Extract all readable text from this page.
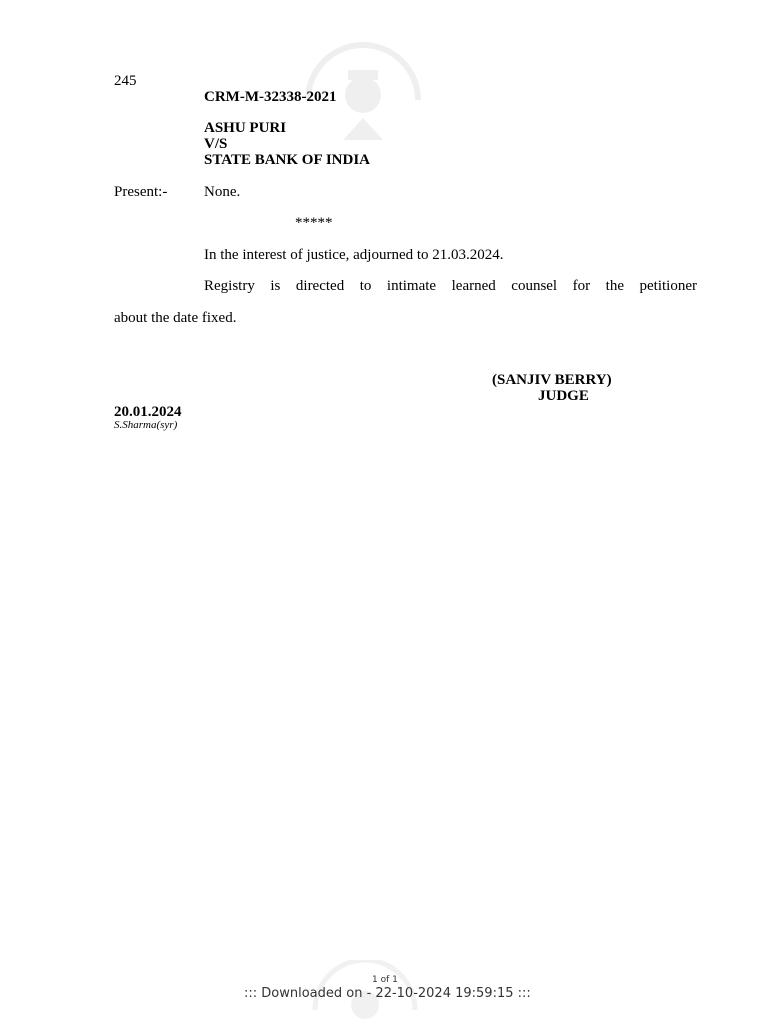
245
CRM-M-32338-2021
ASHU PURI
V/S
STATE BANK OF INDIA
Present:- None.
*****
In the interest of justice, adjourned to 21.03.2024.
Registry is directed to intimate learned counsel for the petitioner
about the date fixed.
(SANJIV BERRY)
JUDGE
20.01.2024
S.Sharma(syr)
1 of 1
::: Downloaded on - 22-10-2024 19:59:15 :::
